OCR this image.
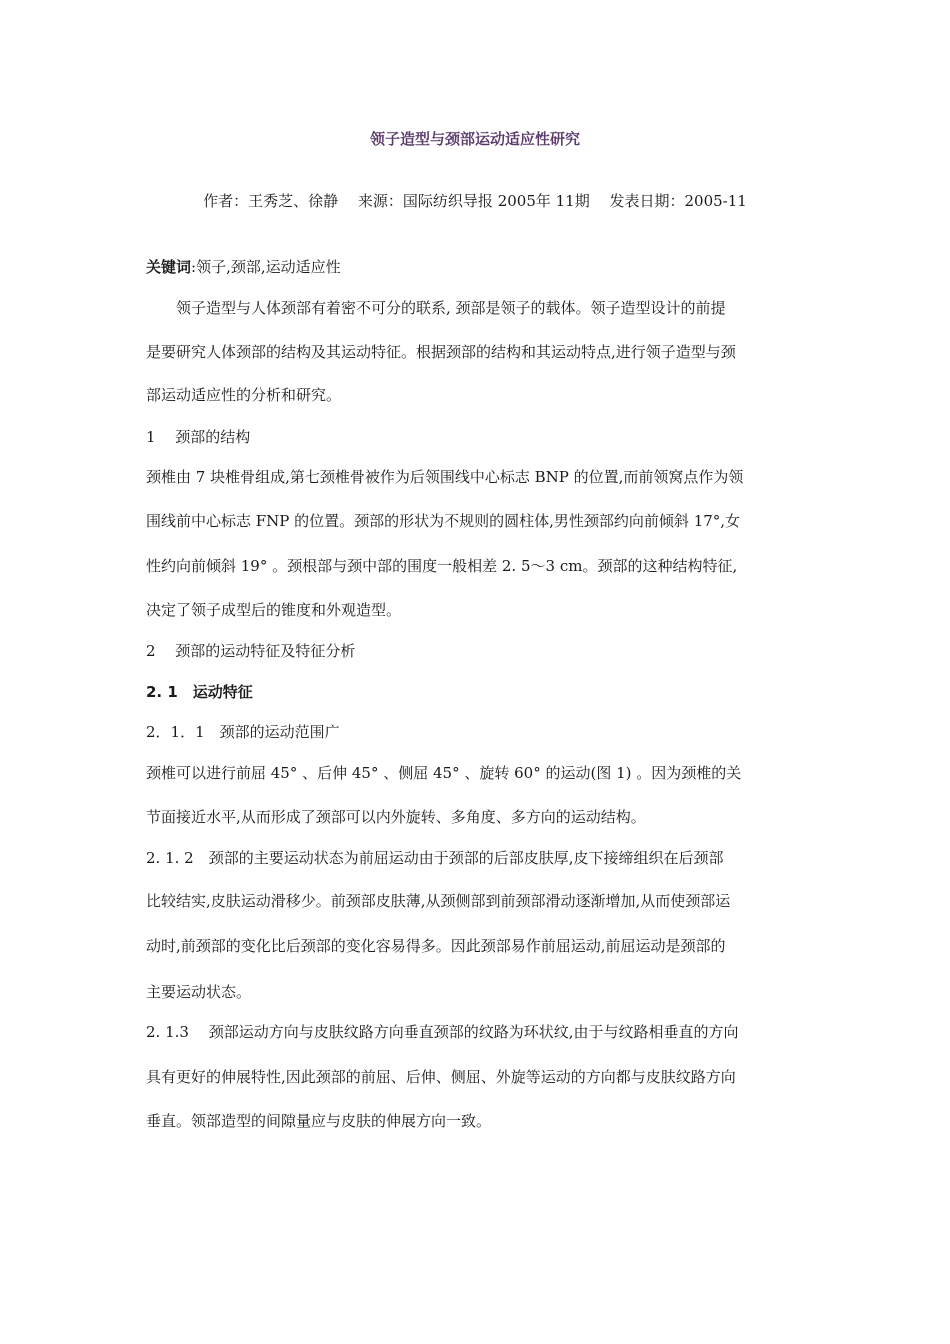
领子造型与颈部运动适应性研究
作者：王秀芝、徐静　 来源：国际纺织导报 2005年 11期　 发表日期：2005-11
关键词:领子,颈部,运动适应性
　　领子造型与人体颈部有着密不可分的联系, 颈部是领子的载体。领子造型设计的前提
是要研究人体颈部的结构及其运动特征。根据颈部的结构和其运动特点,进行领子造型与颈
部运动适应性的分析和研究。
1　 颈部的结构
颈椎由 7 块椎骨组成,第七颈椎骨被作为后领围线中心标志 BNP 的位置,而前领窝点作为领
围线前中心标志 FNP 的位置。颈部的形状为不规则的圆柱体,男性颈部约向前倾斜 17°,女
性约向前倾斜 19° 。颈根部与颈中部的围度一般相差 2. 5～3 cm。颈部的这种结构特征,
决定了领子成型后的锥度和外观造型。
2　 颈部的运动特征及特征分析
2. 1　运动特征
2．1．1　颈部的运动范围广
颈椎可以进行前屈 45° 、后伸 45° 、侧屈 45° 、旋转 60° 的运动(图 1) 。因为颈椎的关
节面接近水平,从而形成了颈部可以内外旋转、多角度、多方向的运动结构。
2. 1. 2　颈部的主要运动状态为前屈运动由于颈部的后部皮肤厚,皮下接缔组织在后颈部
比较结实,皮肤运动滑移少。前颈部皮肤薄,从颈侧部到前颈部滑动逐渐增加,从而使颈部运
动时,前颈部的变化比后颈部的变化容易得多。因此颈部易作前屈运动,前屈运动是颈部的
主要运动状态。
2. 1.3　 颈部运动方向与皮肤纹路方向垂直颈部的纹路为环状纹,由于与纹路相垂直的方向
具有更好的伸展特性,因此颈部的前屈、后伸、侧屈、外旋等运动的方向都与皮肤纹路方向
垂直。领部造型的间隙量应与皮肤的伸展方向一致。
